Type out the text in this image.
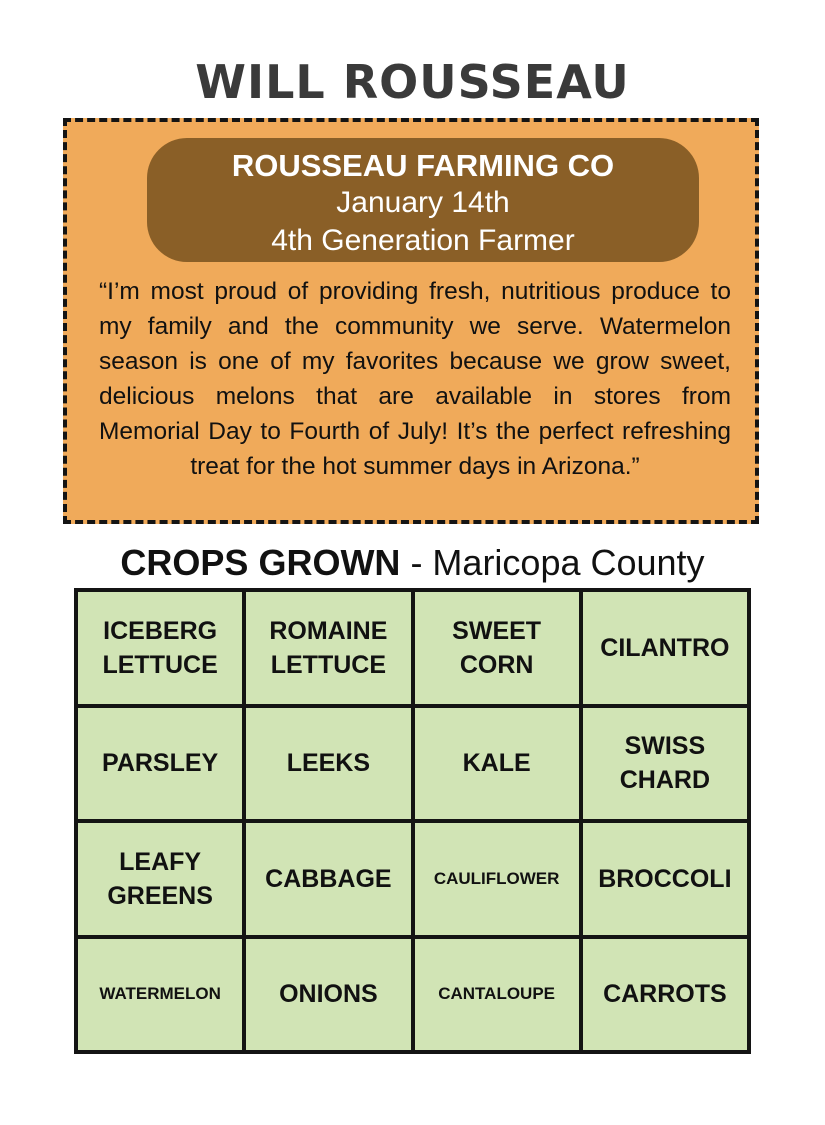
WILL ROUSSEAU
ROUSSEAU FARMING CO
January 14th
4th Generation Farmer

“I’m most proud of providing fresh, nutritious produce to my family and the community we serve. Watermelon season is one of my favorites because we grow sweet, delicious melons that are available in stores from Memorial Day to Fourth of July! It’s the perfect refreshing treat for the hot summer days in Arizona.”

CROPS GROWN - Maricopa County
ICEBERG LETTUCE	ROMAINE LETTUCE	SWEET CORN	CILANTRO
PARSLEY	LEEKS	KALE	SWISS CHARD
LEAFY GREENS	CABBAGE	CAULIFLOWER	BROCCOLI
WATERMELON	ONIONS	CANTALOUPE	CARROTS
